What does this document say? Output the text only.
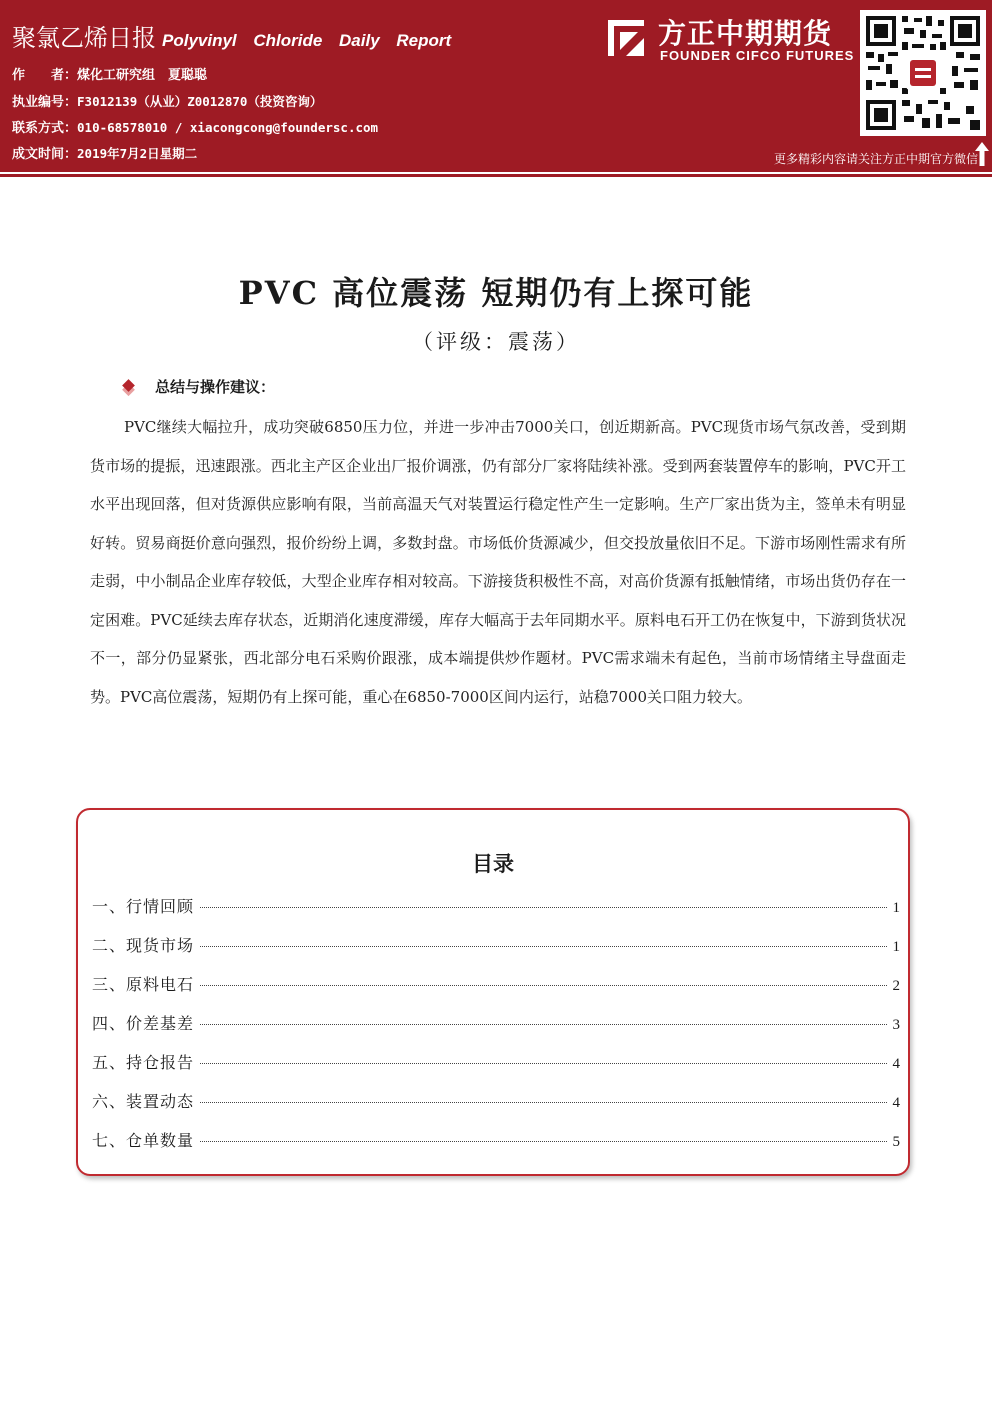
聚氯乙烯日报 Polyvinyl Chloride Daily Report
作　　者：煤化工研究组　夏聪聪
执业编号：F3012139（从业）Z0012870（投资咨询）
联系方式：010-68578010 / xiacongcong@foundersc.com
成文时间：2019年7月2日星期二
方正中期期货
FOUNDER CIFCO FUTURES
更多精彩内容请关注方正中期官方微信
PVC 高位震荡 短期仍有上探可能
（评级：震荡）
总结与操作建议：

PVC继续大幅拉升，成功突破6850压力位，并进一步冲击7000关口，创近期新高。PVC现货市场气氛改善，受到期货市场的提振，迅速跟涨。西北主产区企业出厂报价调涨，仍有部分厂家将陆续补涨。受到两套装置停车的影响，PVC开工水平出现回落，但对货源供应影响有限，当前高温天气对装置运行稳定性产生一定影响。生产厂家出货为主，签单未有明显好转。贸易商挺价意向强烈，报价纷纷上调，多数封盘。市场低价货源减少，但交投放量依旧不足。下游市场刚性需求有所走弱，中小制品企业库存较低，大型企业库存相对较高。下游接货积极性不高，对高价货源有抵触情绪，市场出货仍存在一定困难。PVC延续去库存状态，近期消化速度滞缓，库存大幅高于去年同期水平。原料电石开工仍在恢复中，下游到货状况不一，部分仍显紧张，西北部分电石采购价跟涨，成本端提供炒作题材。PVC需求端未有起色，当前市场情绪主导盘面走势。PVC高位震荡，短期仍有上探可能，重心在6850-7000区间内运行，站稳7000关口阻力较大。

目录
一、行情回顾	1
二、现货市场	1
三、原料电石	2
四、价差基差	3
五、持仓报告	4
六、装置动态	4
七、仓单数量	5
